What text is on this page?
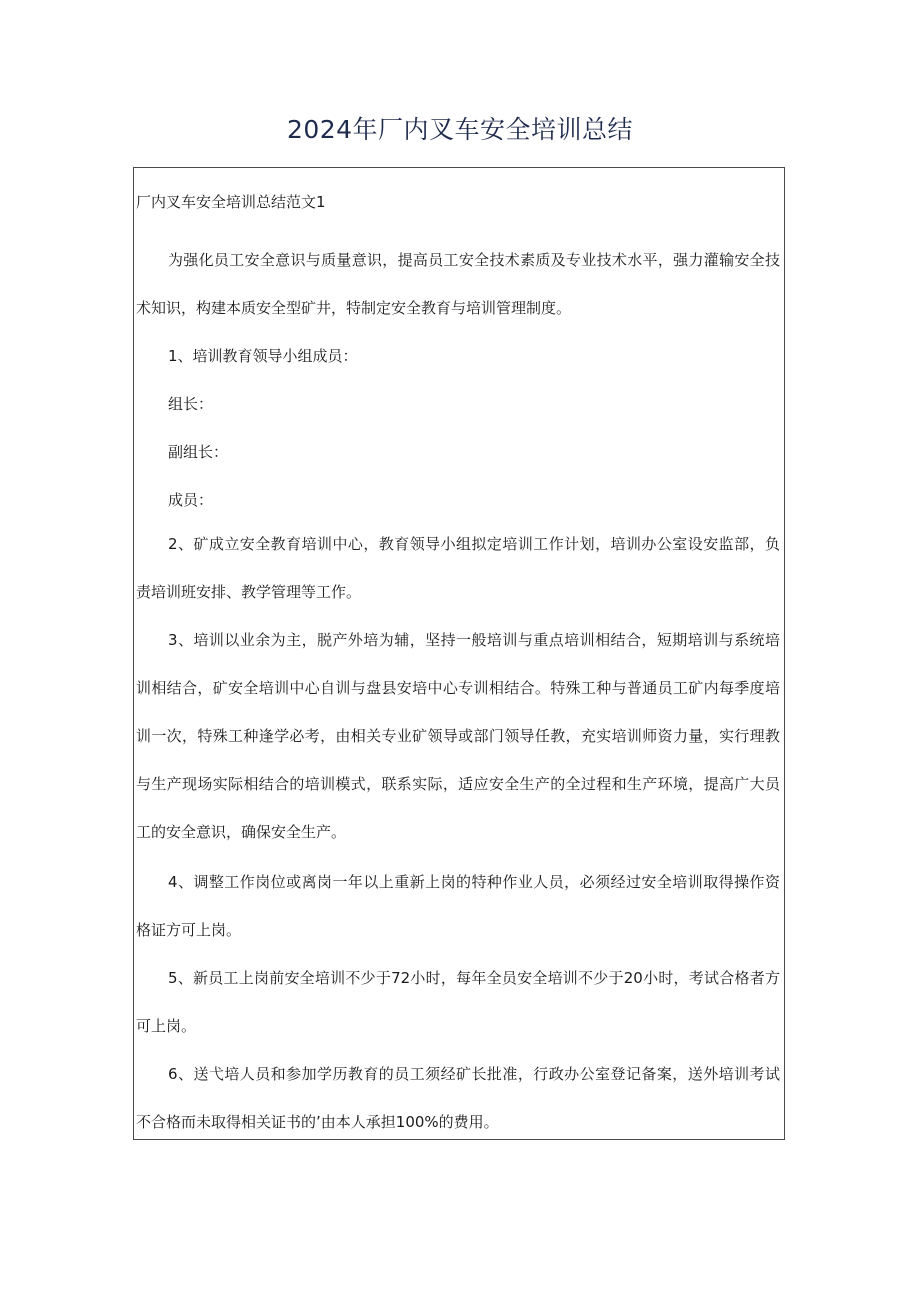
2024年厂内叉车安全培训总结
厂内叉车安全培训总结范文1
为强化员工安全意识与质量意识，提高员工安全技术素质及专业技术水平，强力灌输安全技
术知识，构建本质安全型矿井，特制定安全教育与培训管理制度。
1、培训教育领导小组成员：
组长：
副组长：
成员：
2、矿成立安全教育培训中心，教育领导小组拟定培训工作计划，培训办公室设安监部，负
责培训班安排、教学管理等工作。
3、培训以业余为主，脱产外培为辅，坚持一般培训与重点培训相结合，短期培训与系统培
训相结合，矿安全培训中心自训与盘县安培中心专训相结合。特殊工种与普通员工矿内每季度培
训一次，特殊工种逢学必考，由相关专业矿领导或部门领导任教，充实培训师资力量，实行理教
与生产现场实际相结合的培训模式，联系实际，适应安全生产的全过程和生产环境，提高广大员
工的安全意识，确保安全生产。
4、调整工作岗位或离岗一年以上重新上岗的特种作业人员，必须经过安全培训取得操作资
格证方可上岗。
5、新员工上岗前安全培训不少于72小时，每年全员安全培训不少于20小时，考试合格者方
可上岗。
6、送弋培人员和参加学历教育的员工须经矿长批准，行政办公室登记备案，送外培训考试
不合格而未取得相关证书的’由本人承担100%的费用。
